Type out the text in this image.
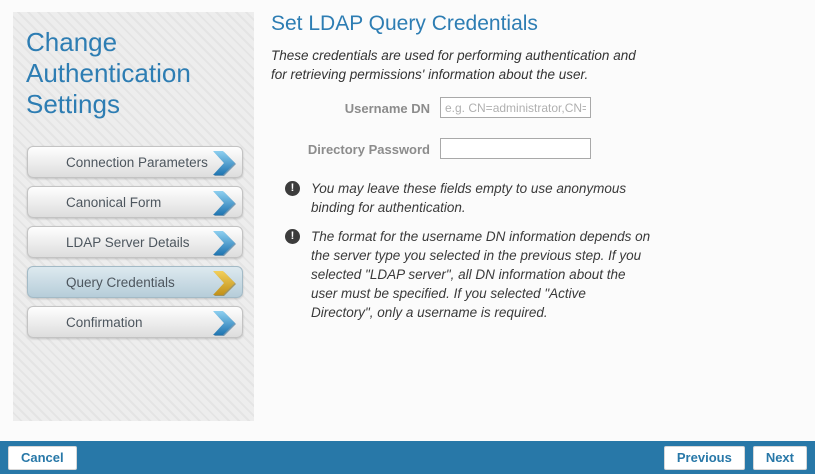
Change Authentication Settings
Connection Parameters
Canonical Form
LDAP Server Details
Query Credentials
Confirmation
Set LDAP Query Credentials
These credentials are used for performing authentication and for retrieving permissions' information about the user.
Username DN
e.g. CN=administrator,CN=Users
Directory Password
!	You may leave these fields empty to use anonymous binding for authentication.
!	The format for the username DN information depends on the server type you selected in the previous step. If you selected "LDAP server", all DN information about the user must be specified. If you selected "Active Directory", only a username is required.
Cancel	Previous	Next
